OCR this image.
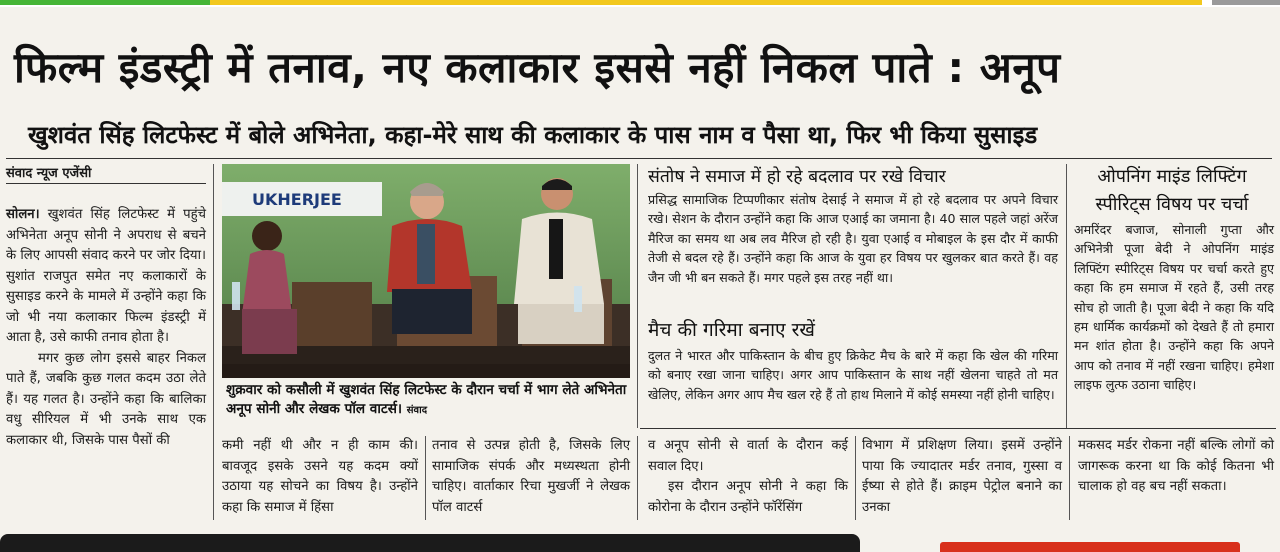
फिल्म इंडस्ट्री में तनाव, नए कलाकार इससे नहीं निकल पाते : अनूप
खुशवंत सिंह लिटफेस्ट में बोले अभिनेता, कहा-मेरे साथ की कलाकार के पास नाम व पैसा था, फिर भी किया सुसाइड
संवाद न्यूज एजेंसी

सोलन। खुशवंत सिंह लिटफेस्ट में पहुंचे अभिनेता अनूप सोनी ने अपराध से बचने के लिए आपसी संवाद करने पर जोर दिया। सुशांत राजपुत समेत नए कलाकारों के सुसाइड करने के मामले में उन्होंने कहा कि जो भी नया कलाकार फिल्म इंडस्ट्री में आता है, उसे काफी तनाव होता है।

मगर कुछ लोग इससे बाहर निकल पाते हैं, जबकि कुछ गलत कदम उठा लेते हैं। यह गलत है। उन्होंने कहा कि बालिका वधु सीरियल में भी उनके साथ एक कलाकार थी, जिसके पास पैसों की

UKHERJEE
शुक्रवार को कसौली में खुशवंत सिंह लिटफेस्ट के दौरान चर्चा में भाग लेते अभिनेता अनूप सोनी और लेखक पॉल वाटर्स। संवाद
संतोष ने समाज में हो रहे बदलाव पर रखे विचार
प्रसिद्ध सामाजिक टिप्पणीकार संतोष देसाई ने समाज में हो रहे बदलाव पर अपने विचार रखे। सेशन के दौरान उन्होंने कहा कि आज एआई का जमाना है। 40 साल पहले जहां अरेंज मैरिज का समय था अब लव मैरिज हो रही है। युवा एआई व मोबाइल के इस दौर में काफी तेजी से बदल रहे हैं। उन्होंने कहा कि आज के युवा हर विषय पर खुलकर बात करते हैं। वह जैन जी भी बन सकते हैं। मगर पहले इस तरह नहीं था।
मैच की गरिमा बनाए रखें
दुलत ने भारत और पाकिस्तान के बीच हुए क्रिकेट मैच के बारे में कहा कि खेल की गरिमा को बनाए रखा जाना चाहिए। अगर आप पाकिस्तान के साथ नहीं खेलना चाहते तो मत खेलिए, लेकिन अगर आप मैच खल रहे हैं तो हाथ मिलाने में कोई समस्या नहीं होनी चाहिए।
ओपनिंग माइंड लिफ्टिंग स्पीरिट्स विषय पर चर्चा
अमरिंदर बजाज, सोनाली गुप्ता और अभिनेत्री पूजा बेदी ने ओपनिंग माइंड लिफ्टिंग स्पीरिट्स विषय पर चर्चा करते हुए कहा कि हम समाज में रहते हैं, उसी तरह सोच हो जाती है। पूजा बेदी ने कहा कि यदि हम धार्मिक कार्यक्रमों को देखते हैं तो हमारा मन शांत होता है। उन्होंने कहा कि अपने आप को तनाव में नहीं रखना चाहिए। हमेशा लाइफ लुत्फ उठाना चाहिए।
कमी नहीं थी और न ही काम की। बावजूद इसके उसने यह कदम क्यों उठाया यह सोचने का विषय है। उन्होंने कहा कि समाज में हिंसा
तनाव से उत्पन्न होती है, जिसके लिए सामाजिक संपर्क और मध्यस्थता होनी चाहिए। वार्ताकार रिचा मुखर्जी ने लेखक पॉल वाटर्स

व अनूप सोनी से वार्ता के दौरान कई सवाल दिए।

इस दौरान अनूप सोनी ने कहा कि कोरोना के दौरान उन्होंने फॉरेंसिंग

विभाग में प्रशिक्षण लिया। इसमें उन्होंने पाया कि ज्यादातर मर्डर तनाव, गुस्सा व ईष्या से होते हैं। क्राइम पेट्रोल बनाने का उनका
मकसद मर्डर रोकना नहीं बल्कि लोगों को जागरूक करना था कि कोई कितना भी चालाक हो वह बच नहीं सकता।
